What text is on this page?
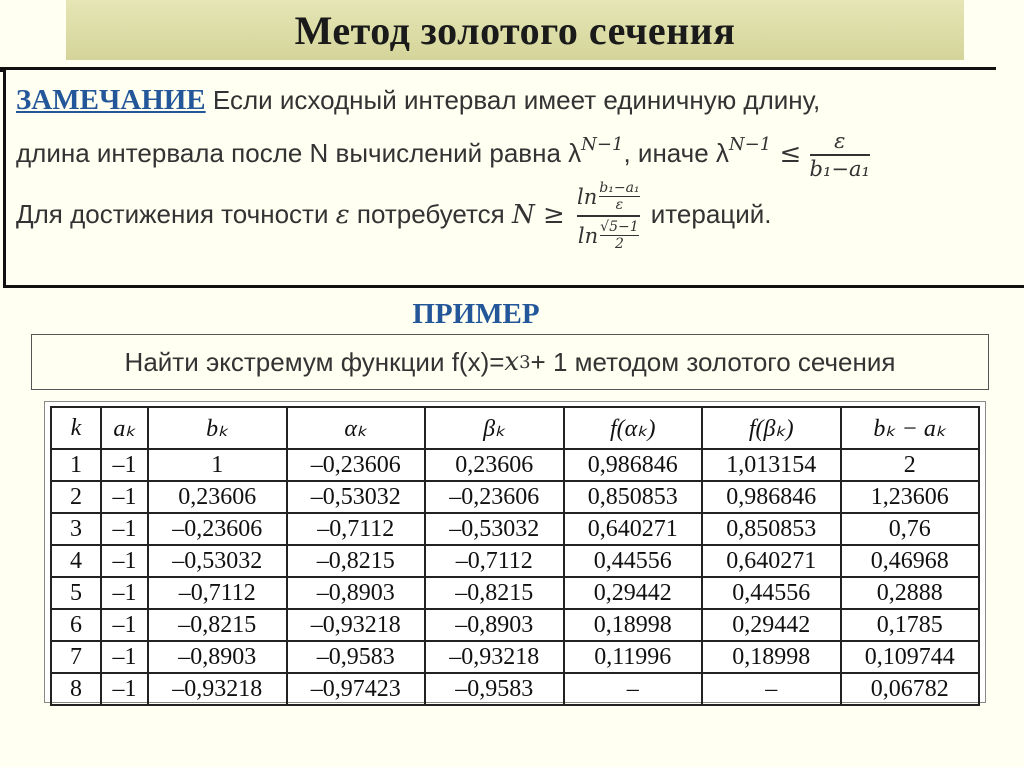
Метод золотого сечения
ЗАМЕЧАНИЕ Если исходный интервал имеет единичную длину,
длина интервала после N вычислений равна $\lambda^{N-1}$, иначе $\lambda^{N-1} \le \frac{\varepsilon}{\text{b₁−a₁}}$
Для достижения точности ε потребуется $N \ge \frac{\ln \frac{\text{b₁−a₁}}{\varepsilon}}{\ln \frac{√5-1}{2}}$ итераций.
ПРИМЕР
Найти экстремум функции f(x)= x 3 + 1 методом золотого сечения
k	aₖ	bₖ	αₖ	βₖ	f(αₖ)	f(βₖ)	bₖ − aₖ
1	–1	1	–0,23606	0,23606	0,986846	1,013154	2
2	–1	0,23606	–0,53032	–0,23606	0,850853	0,986846	1,23606
3	–1	–0,23606	–0,7112	–0,53032	0,640271	0,850853	0,76
4	–1	–0,53032	–0,8215	–0,7112	0,44556	0,640271	0,46968
5	–1	–0,7112	–0,8903	–0,8215	0,29442	0,44556	0,2888
6	–1	–0,8215	–0,93218	–0,8903	0,18998	0,29442	0,1785
7	–1	–0,8903	–0,9583	–0,93218	0,11996	0,18998	0,109744
8	–1	–0,93218	–0,97423	–0,9583	–	–	0,06782
